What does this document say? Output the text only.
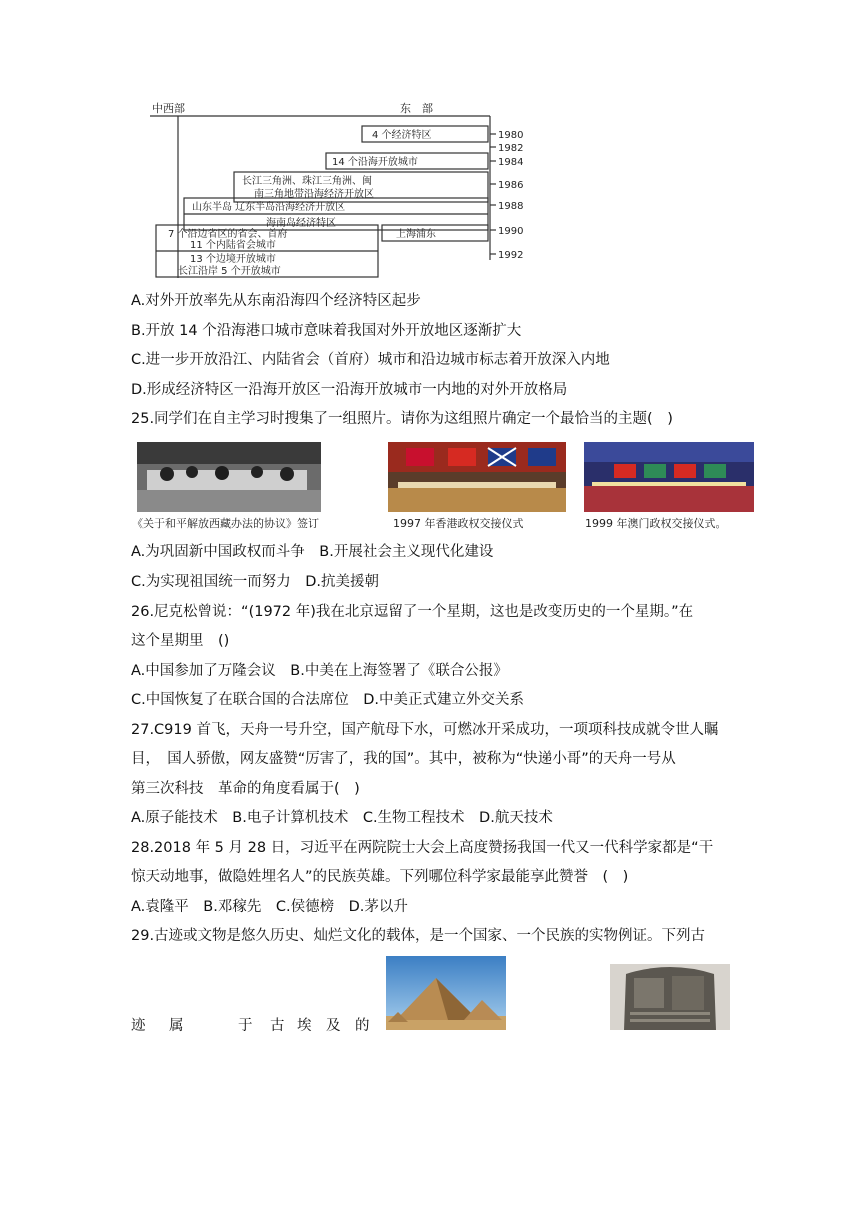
中西部	东　部
4 个经济特区
14 个沿海开放城市
长江三角洲、珠江三角洲、闽
南三角地带沿海经济开放区
山东半岛 辽东半岛沿海经济开放区
海南岛经济特区
上海浦东
7 个沿边省区的省会、首府
11 个内陆省会城市
13 个边境开放城市
长江沿岸 5 个开放城市
1980
1982
1984
1986
1988
1990
1992
A.对外开放率先从东南沿海四个经济特区起步
B.开放 14 个沿海港口城市意味着我国对外开放地区逐渐扩大
C.进一步开放沿江、内陆省会（首府）城市和沿边城市标志着开放深入内地
D.形成经济特区一沿海开放区一沿海开放城市一内地的对外开放格局
25.同学们在自主学习时搜集了一组照片。请你为这组照片确定一个最恰当的主题(　)
《关于和平解放西藏办法的协议》签订	1997 年香港政权交接仪式	1999 年澳门政权交接仪式。
A.为巩固新中国政权而斗争　B.开展社会主义现代化建设
C.为实现祖国统一而努力　D.抗美援朝
26.尼克松曾说：“(1972 年)我在北京逗留了一个星期，这也是改变历史的一个星期。”在
这个星期里　()
A.中国参加了万隆会议　B.中美在上海签署了《联合公报》
C.中国恢复了在联合国的合法席位　D.中美正式建立外交关系
27.C919 首飞，天舟一号升空，国产航母下水，可燃冰开采成功，一项项科技成就令世人瞩
目，　国人骄傲，网友盛赞“厉害了，我的国”。其中，被称为“快递小哥”的天舟一号从
第三次科技　革命的角度看属于(　)
A.原子能技术　B.电子计算机技术　C.生物工程技术　D.航天技术
28.2018 年 5 月 28 日，习近平在两院院士大会上高度赞扬我国一代又一代科学家都是“干
惊天动地事，做隐姓埋名人”的民族英雄。下列哪位科学家最能享此赞誉　(　)
A.袁隆平　B.邓稼先　C.侯德榜　D.茅以升
29.古迹或文物是悠久历史、灿烂文化的载体，是一个国家、一个民族的实物例证。下列古
迹 属	于 古 埃 及 的
